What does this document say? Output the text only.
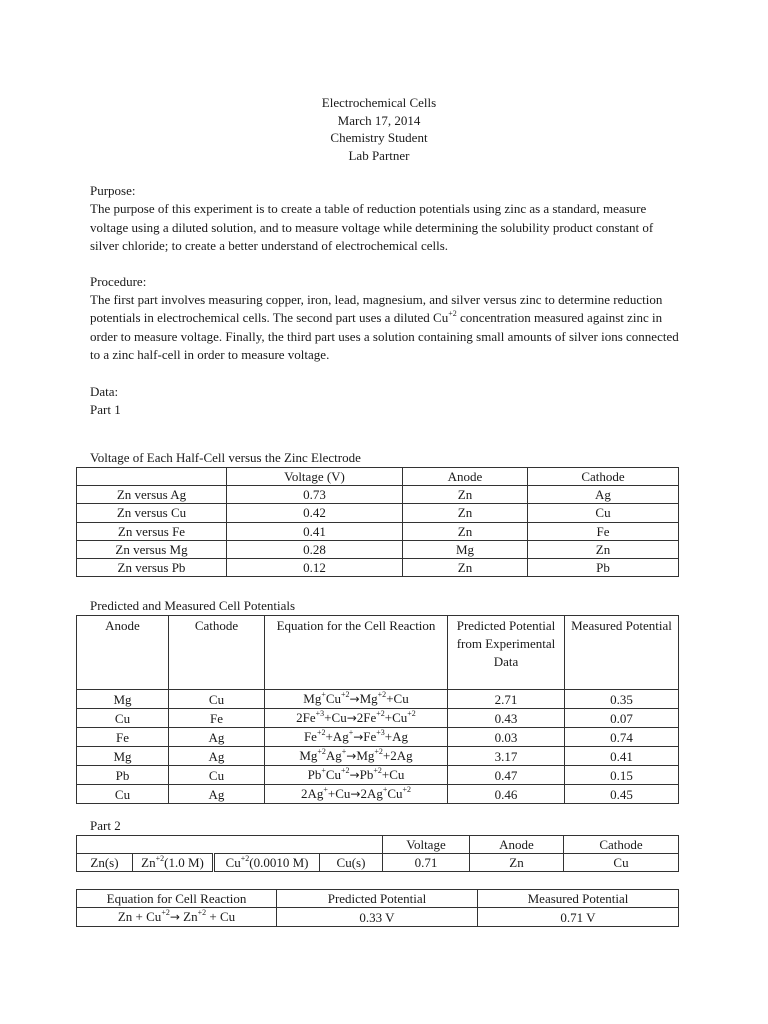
Electrochemical Cells
March 17, 2014
Chemistry Student
Lab Partner
Purpose:
The purpose of this experiment is to create a table of reduction potentials using zinc as a standard, measure voltage using a diluted solution, and to measure voltage while determining the solubility product constant of silver chloride; to create a better understand of electrochemical cells.
Procedure:
The first part involves measuring copper, iron, lead, magnesium, and silver versus zinc to determine reduction potentials in electrochemical cells. The second part uses a diluted $Cu^{+2}$ concentration measured against zinc in order to measure voltage. Finally, the third part uses a solution containing small amounts of silver ions connected to a zinc half-cell in order to measure voltage.
Data:
Part 1
Voltage of Each Half-Cell versus the Zinc Electrode
	Voltage (V)	Anode	Cathode
Zn versus Ag	0.73	Zn	Ag
Zn versus Cu	0.42	Zn	Cu
Zn versus Fe	0.41	Zn	Fe
Zn versus Mg	0.28	Mg	Zn
Zn versus Pb	0.12	Zn	Pb
Predicted and Measured Cell Potentials
Anode	Cathode	Equation for the Cell Reaction	Predicted Potential from Experimental Data	Measured Potential
Mg	Cu	$Mg^+Cu^{+2}\to Mg^{+2}+Cu$	2.71	0.35
Cu	Fe	$2Fe^{+3}+Cu\to 2Fe^{+2}+Cu^{+2}$	0.43	0.07
Fe	Ag	$Fe^{+2}+Ag^+\to Fe^{+3}+Ag$	0.03	0.74
Mg	Ag	$Mg^{+2}Ag^+\to Mg^{+2}+2Ag$	3.17	0.41
Pb	Cu	$Pb^+Cu^{+2}\to Pb^{+2}+Cu$	0.47	0.15
Cu	Ag	$2Ag^++Cu\to 2Ag^+Cu^{+2}$	0.46	0.45
Part 2
				Voltage	Anode	Cathode
Zn(s)	$Zn^{+2}(1.0$ M)	$Cu^{+2}(0.0010$ M)	Cu(s)	0.71	Zn	Cu
Equation for Cell Reaction	Predicted Potential	Measured Potential
$Zn + Cu^{+2}\to Zn^{+2} + Cu$	0.33 V	0.71 V
